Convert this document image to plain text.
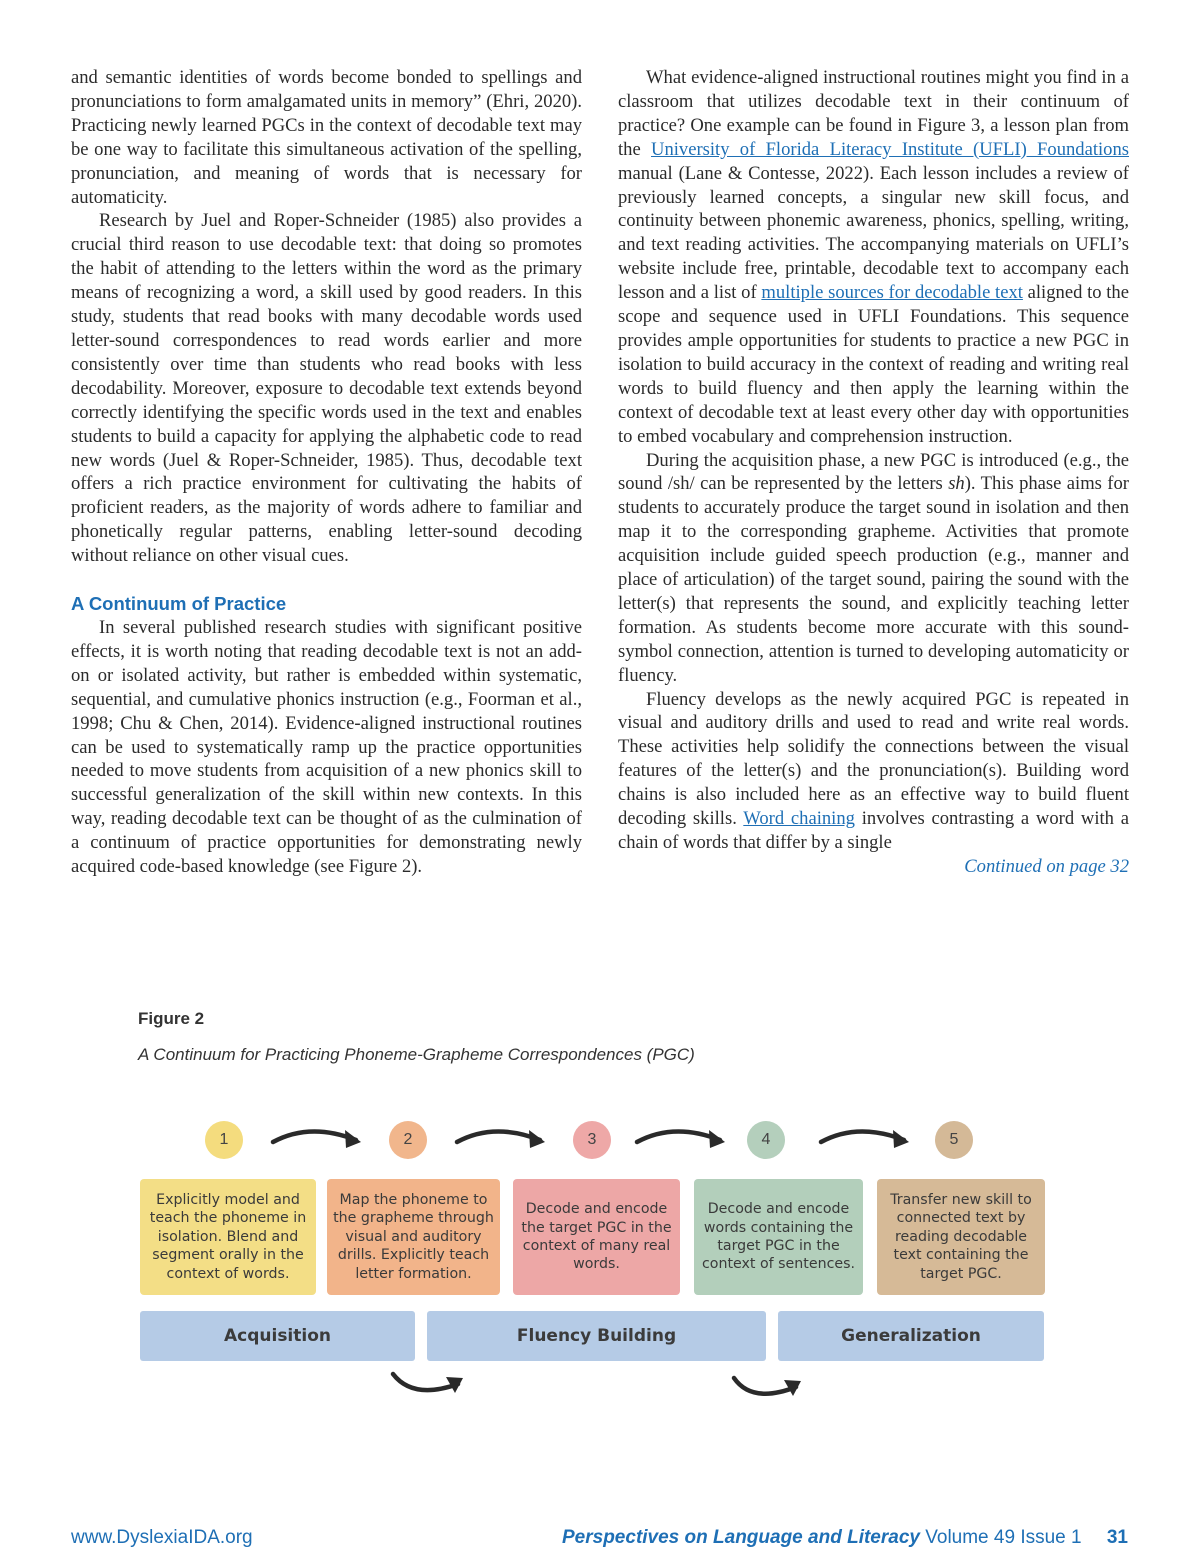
and semantic identities of words become bonded to spellings and pronunciations to form amalgamated units in memory” (Ehri, 2020). Practicing newly learned PGCs in the context of decodable text may be one way to facilitate this simultaneous activation of the spelling, pronunciation, and meaning of words that is necessary for automaticity.

Research by Juel and Roper-Schneider (1985) also provides a crucial third reason to use decodable text: that doing so promotes the habit of attending to the letters within the word as the primary means of recognizing a word, a skill used by good readers. In this study, students that read books with many decodable words used letter-sound correspondences to read words earlier and more consistently over time than students who read books with less decodability. Moreover, exposure to decodable text extends beyond correctly identifying the specific words used in the text and enables students to build a capacity for applying the alphabetic code to read new words (Juel & Roper-Schneider, 1985). Thus, decodable text offers a rich practice environment for cultivating the habits of proficient readers, as the majority of words adhere to familiar and phonetically regular patterns, enabling letter-sound decoding without reliance on other visual cues.

A Continuum of Practice

In several published research studies with significant positive effects, it is worth noting that reading decodable text is not an add-on or isolated activity, but rather is embedded within systematic, sequential, and cumulative phonics instruction (e.g., Foorman et al., 1998; Chu & Chen, 2014). Evidence-aligned instructional routines can be used to systematically ramp up the practice opportunities needed to move students from acquisition of a new phonics skill to successful generalization of the skill within new contexts. In this way, reading decodable text can be thought of as the culmination of a continuum of practice opportunities for demonstrating newly acquired code-based knowledge (see Figure 2).

What evidence-aligned instructional routines might you find in a classroom that utilizes decodable text in their continuum of practice? One example can be found in Figure 3, a lesson plan from the University of Florida Literacy Institute (UFLI) Foundations manual (Lane & Contesse, 2022). Each lesson includes a review of previously learned concepts, a singular new skill focus, and continuity between phonemic awareness, phonics, spelling, writing, and text reading activities. The accompanying materials on UFLI’s website include free, printable, decodable text to accompany each lesson and a list of multiple sources for decodable text aligned to the scope and sequence used in UFLI Foundations. This sequence provides ample opportunities for students to practice a new PGC in isolation to build accuracy in the context of reading and writing real words to build fluency and then apply the learning within the context of decodable text at least every other day with opportunities to embed vocabulary and comprehension instruction.

During the acquisition phase, a new PGC is introduced (e.g., the sound /sh/ can be represented by the letters sh). This phase aims for students to accurately produce the target sound in isolation and then map it to the corresponding grapheme. Activities that promote acquisition include guided speech production (e.g., manner and place of articulation) of the target sound, pairing the sound with the letter(s) that represents the sound, and explicitly teaching letter formation. As students become more accurate with this sound-symbol connection, attention is turned to developing automaticity or fluency.

Fluency develops as the newly acquired PGC is repeated in visual and auditory drills and used to read and write real words. These activities help solidify the connections between the visual features of the letter(s) and the pronunciation(s). Building word chains is also included here as an effective way to build fluent decoding skills. Word chaining involves contrasting a word with a chain of words that differ by a single

Continued on page 32

Figure 2
A Continuum for Practicing Phoneme-Grapheme Correspondences (PGC)
1	2	3	4	5
Explicitly model and teach the phoneme in isolation. Blend and segment orally in the context of words.
Map the phoneme to the grapheme through visual and auditory drills. Explicitly teach letter formation.
Decode and encode the target PGC in the context of many real words.
Decode and encode words containing the target PGC in the context of sentences.
Transfer new skill to connected text by reading decodable text containing the target PGC.
Acquisition	Fluency Building	Generalization
www.DyslexiaIDA.org	Perspectives on Language and Literacy Volume 49 Issue 1 31
